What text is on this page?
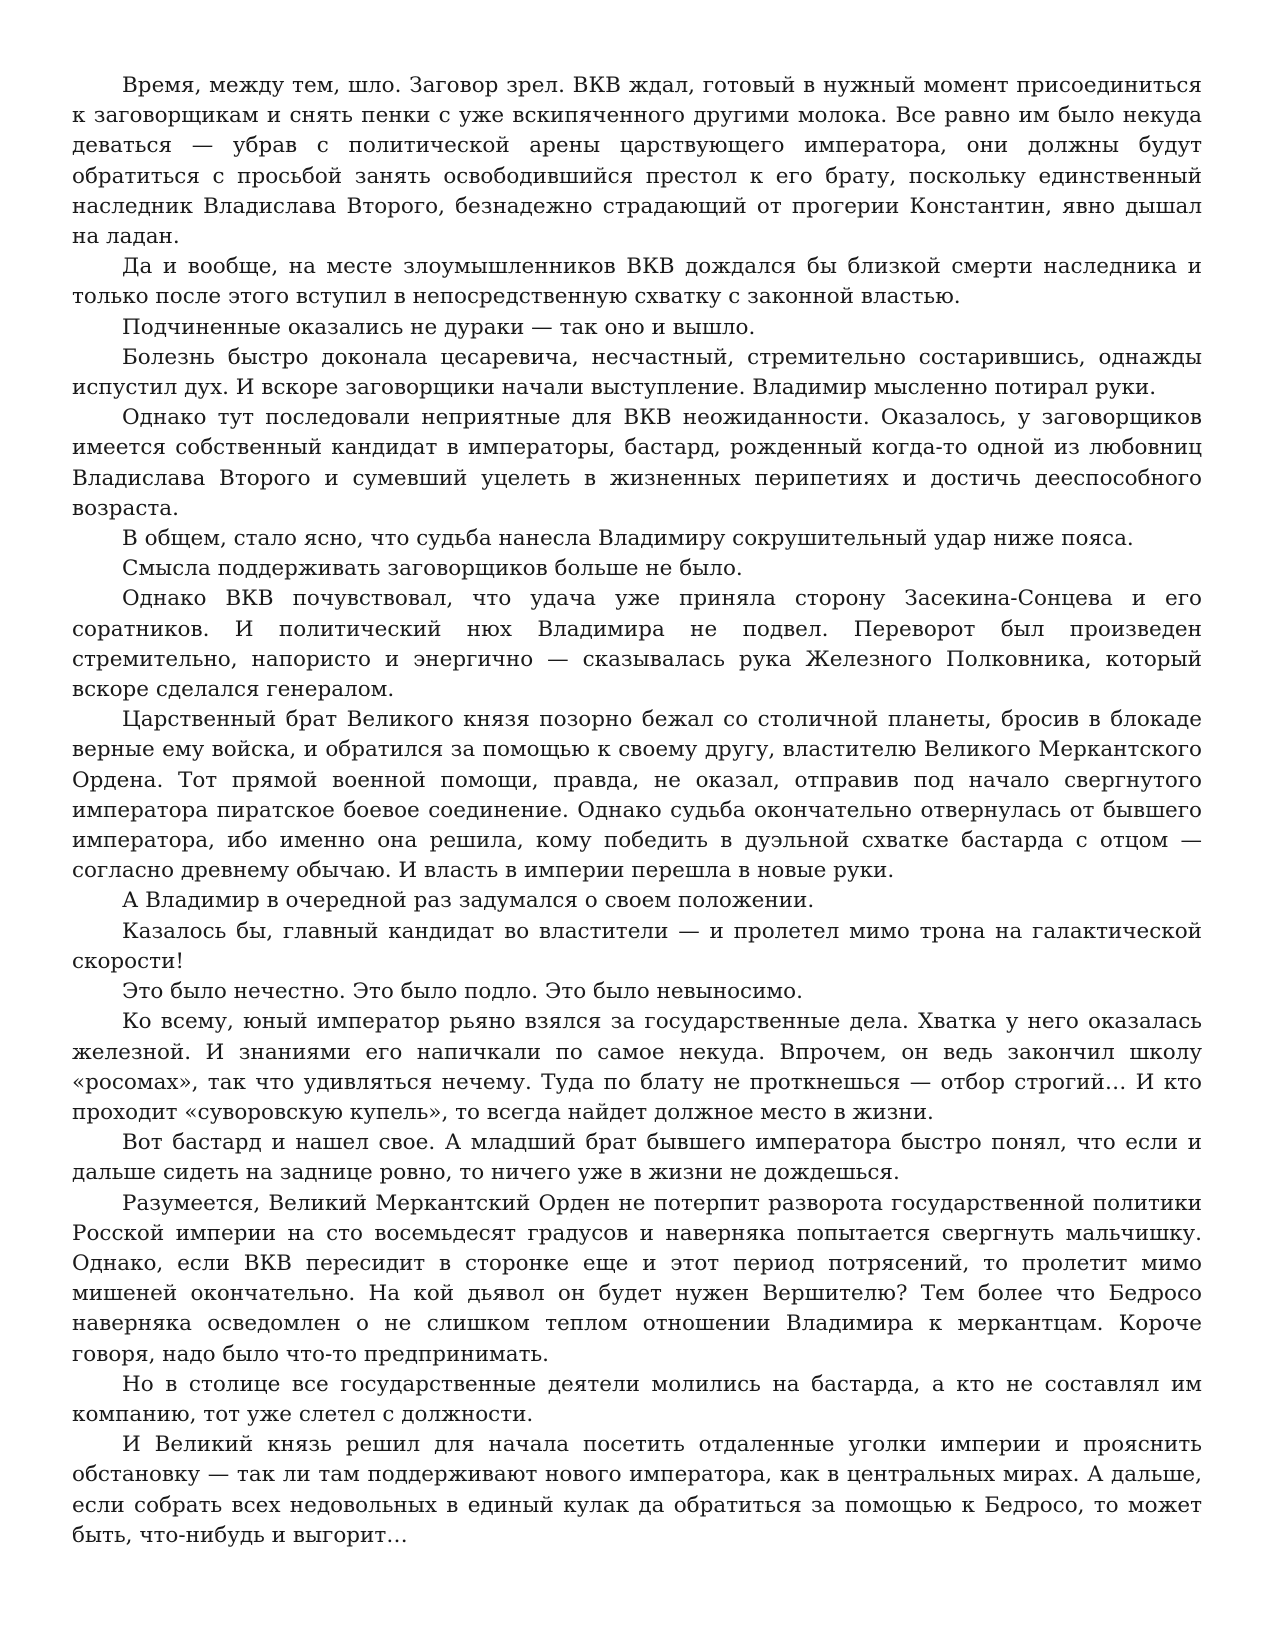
Время, между тем, шло. Заговор зрел. ВКВ ждал, готовый в нужный момент присоединиться к заговорщикам и снять пенки с уже вскипяченного другими молока. Все равно им было некуда деваться — убрав с политической арены царствующего императора, они должны будут обратиться с просьбой занять освободившийся престол к его брату, поскольку единственный наследник Владислава Второго, безнадежно страдающий от прогерии Константин, явно дышал на ладан.

Да и вообще, на месте злоумышленников ВКВ дождался бы близкой смерти наследника и только после этого вступил в непосредственную схватку с законной властью.

Подчиненные оказались не дураки — так оно и вышло.

Болезнь быстро доконала цесаревича, несчастный, стремительно состарившись, однажды испустил дух. И вскоре заговорщики начали выступление. Владимир мысленно потирал руки.

Однако тут последовали неприятные для ВКВ неожиданности. Оказалось, у заговорщиков имеется собственный кандидат в императоры, бастард, рожденный когда-то одной из любовниц Владислава Второго и сумевший уцелеть в жизненных перипетиях и достичь дееспособного возраста.

В общем, стало ясно, что судьба нанесла Владимиру сокрушительный удар ниже пояса.

Смысла поддерживать заговорщиков больше не было.

Однако ВКВ почувствовал, что удача уже приняла сторону Засекина-Сонцева и его соратников. И политический нюх Владимира не подвел. Переворот был произведен стремительно, напористо и энергично — сказывалась рука Железного Полковника, который вскоре сделался генералом.

Царственный брат Великого князя позорно бежал со столичной планеты, бросив в блокаде верные ему войска, и обратился за помощью к своему другу, властителю Великого Меркантского Ордена. Тот прямой военной помощи, правда, не оказал, отправив под начало свергнутого императора пиратское боевое соединение. Однако судьба окончательно отвернулась от бывшего императора, ибо именно она решила, кому победить в дуэльной схватке бастарда с отцом — согласно древнему обычаю. И власть в империи перешла в новые руки.

А Владимир в очередной раз задумался о своем положении.

Казалось бы, главный кандидат во властители — и пролетел мимо трона на галактической скорости!

Это было нечестно. Это было подло. Это было невыносимо.

Ко всему, юный император рьяно взялся за государственные дела. Хватка у него оказалась железной. И знаниями его напичкали по самое некуда. Впрочем, он ведь закончил школу «росомах», так что удивляться нечему. Туда по блату не проткнешься — отбор строгий… И кто проходит «суворовскую купель», то всегда найдет должное место в жизни.

Вот бастард и нашел свое. А младший брат бывшего императора быстро понял, что если и дальше сидеть на заднице ровно, то ничего уже в жизни не дождешься.

Разумеется, Великий Меркантский Орден не потерпит разворота государственной политики Росской империи на сто восемьдесят градусов и наверняка попытается свергнуть мальчишку. Однако, если ВКВ пересидит в сторонке еще и этот период потрясений, то пролетит мимо мишеней окончательно. На кой дьявол он будет нужен Вершителю? Тем более что Бедросо наверняка осведомлен о не слишком теплом отношении Владимира к меркантцам. Короче говоря, надо было что-то предпринимать.

Но в столице все государственные деятели молились на бастарда, а кто не составлял им компанию, тот уже слетел с должности.

И Великий князь решил для начала посетить отдаленные уголки империи и прояснить обстановку — так ли там поддерживают нового императора, как в центральных мирах. А дальше, если собрать всех недовольных в единый кулак да обратиться за помощью к Бедросо, то может быть, что-нибудь и выгорит…
